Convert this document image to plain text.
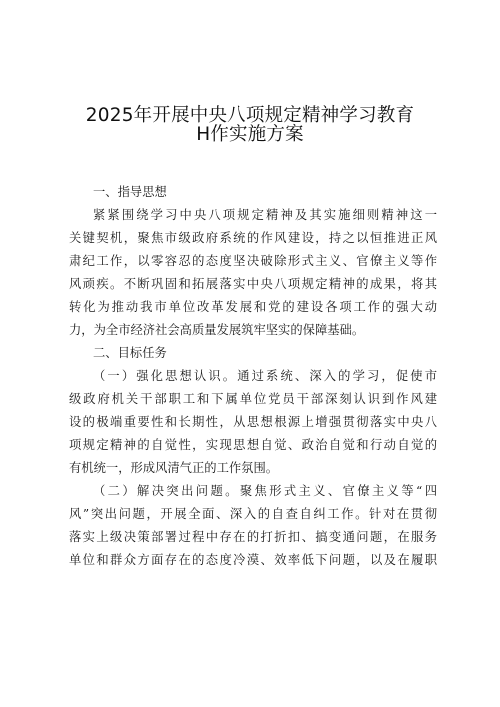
2025年开展中央八项规定精神学习教育
H作实施方案
一、指导思想
紧紧围绕学习中央八项规定精神及其实施细则精神这一
关键契机，聚焦市级政府系统的作风建设，持之以恒推进正风
肃纪工作，以零容忍的态度坚决破除形式主义、官僚主义等作
风顽疾。不断巩固和拓展落实中央八项规定精神的成果，将其
转化为推动我市单位改革发展和党的建设各项工作的强大动
力，为全市经济社会高质量发展筑牢坚实的保障基础。
二、目标任务
（一）强化思想认识。通过系统、深入的学习，促使市
级政府机关干部职工和下属单位党员干部深刻认识到作风建
设的极端重要性和长期性，从思想根源上增强贯彻落实中央八
项规定精神的自觉性，实现思想自觉、政治自觉和行动自觉的
有机统一，形成风清气正的工作氛围。
（二）解决突出问题。聚焦形式主义、官僚主义等“四
风”突出问题，开展全面、深入的自查自纠工作。针对在贯彻
落实上级决策部署过程中存在的打折扣、搞变通问题，在服务
单位和群众方面存在的态度冷漠、效率低下问题，以及在履职
